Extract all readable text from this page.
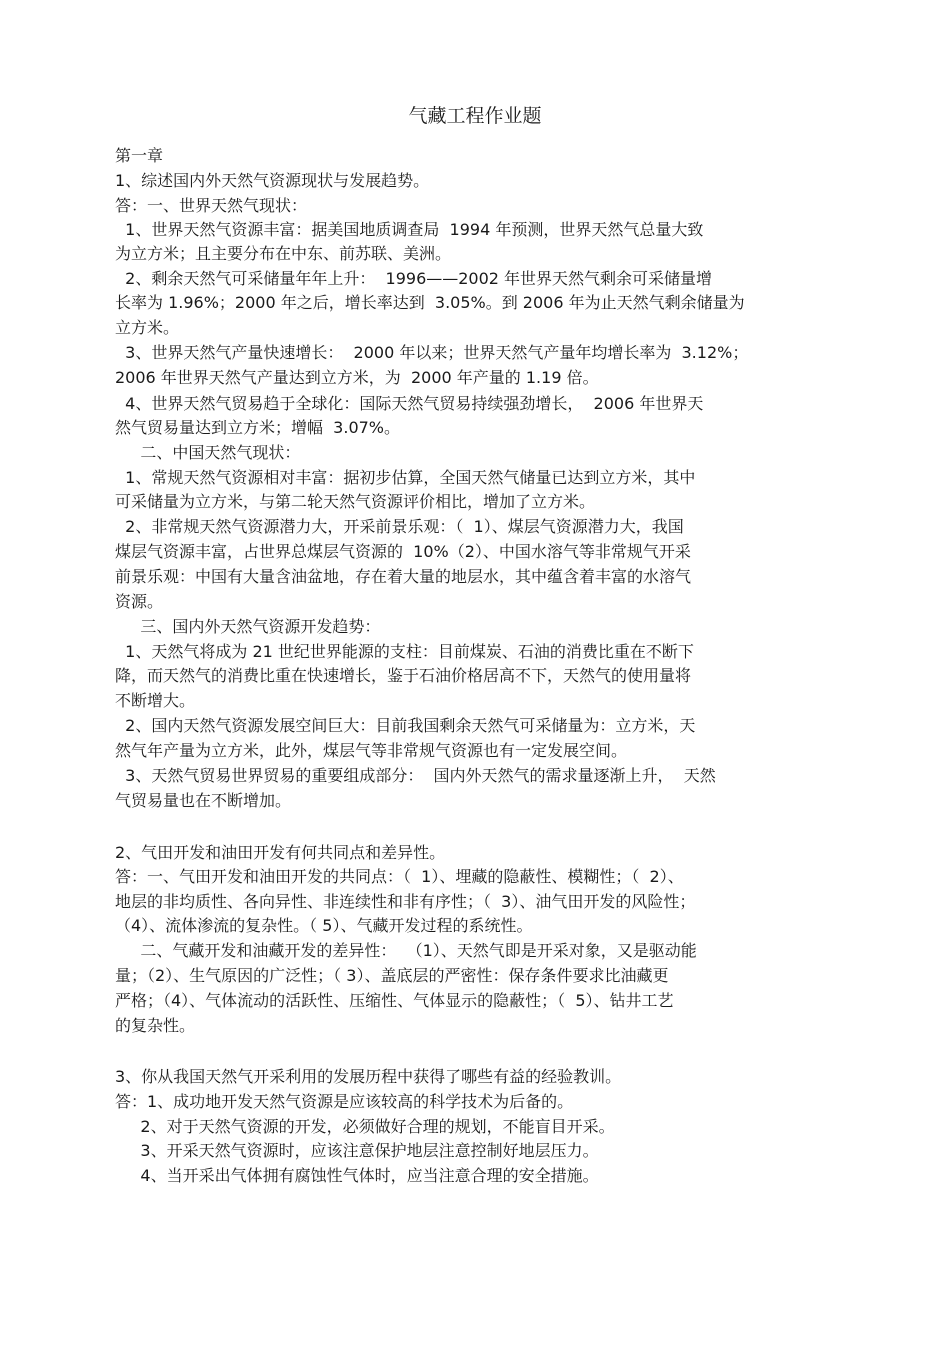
气藏工程作业题
第一章
1、综述国内外天然气资源现状与发展趋势。
答：一、世界天然气现状：
1、世界天然气资源丰富：据美国地质调查局  1994 年预测，世界天然气总量大致
为立方米；且主要分布在中东、前苏联、美洲。
2、剩余天然气可采储量年年上升：  1996——2002 年世界天然气剩余可采储量增
长率为 1.96%；2000 年之后，增长率达到  3.05%。到 2006 年为止天然气剩余储量为
立方米。
3、世界天然气产量快速增长：  2000 年以来；世界天然气产量年均增长率为  3.12%；
2006 年世界天然气产量达到立方米，为  2000 年产量的 1.19 倍。
4、世界天然气贸易趋于全球化：国际天然气贸易持续强劲增长，  2006 年世界天
然气贸易量达到立方米；增幅  3.07%。
二、中国天然气现状：
1、常规天然气资源相对丰富：据初步估算，全国天然气储量已达到立方米，其中
可采储量为立方米，与第二轮天然气资源评价相比，增加了立方米。
2、非常规天然气资源潜力大，开采前景乐观：（  1）、煤层气资源潜力大，我国
煤层气资源丰富，占世界总煤层气资源的  10%（2）、中国水溶气等非常规气开采
前景乐观：中国有大量含油盆地，存在着大量的地层水，其中蕴含着丰富的水溶气
资源。
三、国内外天然气资源开发趋势：
1、天然气将成为 21 世纪世界能源的支柱：目前煤炭、石油的消费比重在不断下
降，而天然气的消费比重在快速增长，鉴于石油价格居高不下，天然气的使用量将
不断增大。
2、国内天然气资源发展空间巨大：目前我国剩余天然气可采储量为：立方米，天
然气年产量为立方米，此外，煤层气等非常规气资源也有一定发展空间。
3、天然气贸易世界贸易的重要组成部分：  国内外天然气的需求量逐渐上升，  天然
气贸易量也在不断增加。
2、气田开发和油田开发有何共同点和差异性。
答：一、气田开发和油田开发的共同点：（  1）、埋藏的隐蔽性、模糊性；（  2）、
地层的非均质性、各向异性、非连续性和非有序性；（  3）、油气田开发的风险性；
（4）、流体渗流的复杂性。（ 5）、气藏开发过程的系统性。
二、气藏开发和油藏开发的差异性：  （1）、天然气即是开采对象，又是驱动能
量；（2）、生气原因的广泛性；（ 3）、盖底层的严密性：保存条件要求比油藏更
严格；（4）、气体流动的活跃性、压缩性、气体显示的隐蔽性；（  5）、钻井工艺
的复杂性。
3、你从我国天然气开采利用的发展历程中获得了哪些有益的经验教训。
答：1、成功地开发天然气资源是应该较高的科学技术为后备的。
2、对于天然气资源的开发，必须做好合理的规划，不能盲目开采。
3、开采天然气资源时，应该注意保护地层注意控制好地层压力。
4、当开采出气体拥有腐蚀性气体时，应当注意合理的安全措施。
